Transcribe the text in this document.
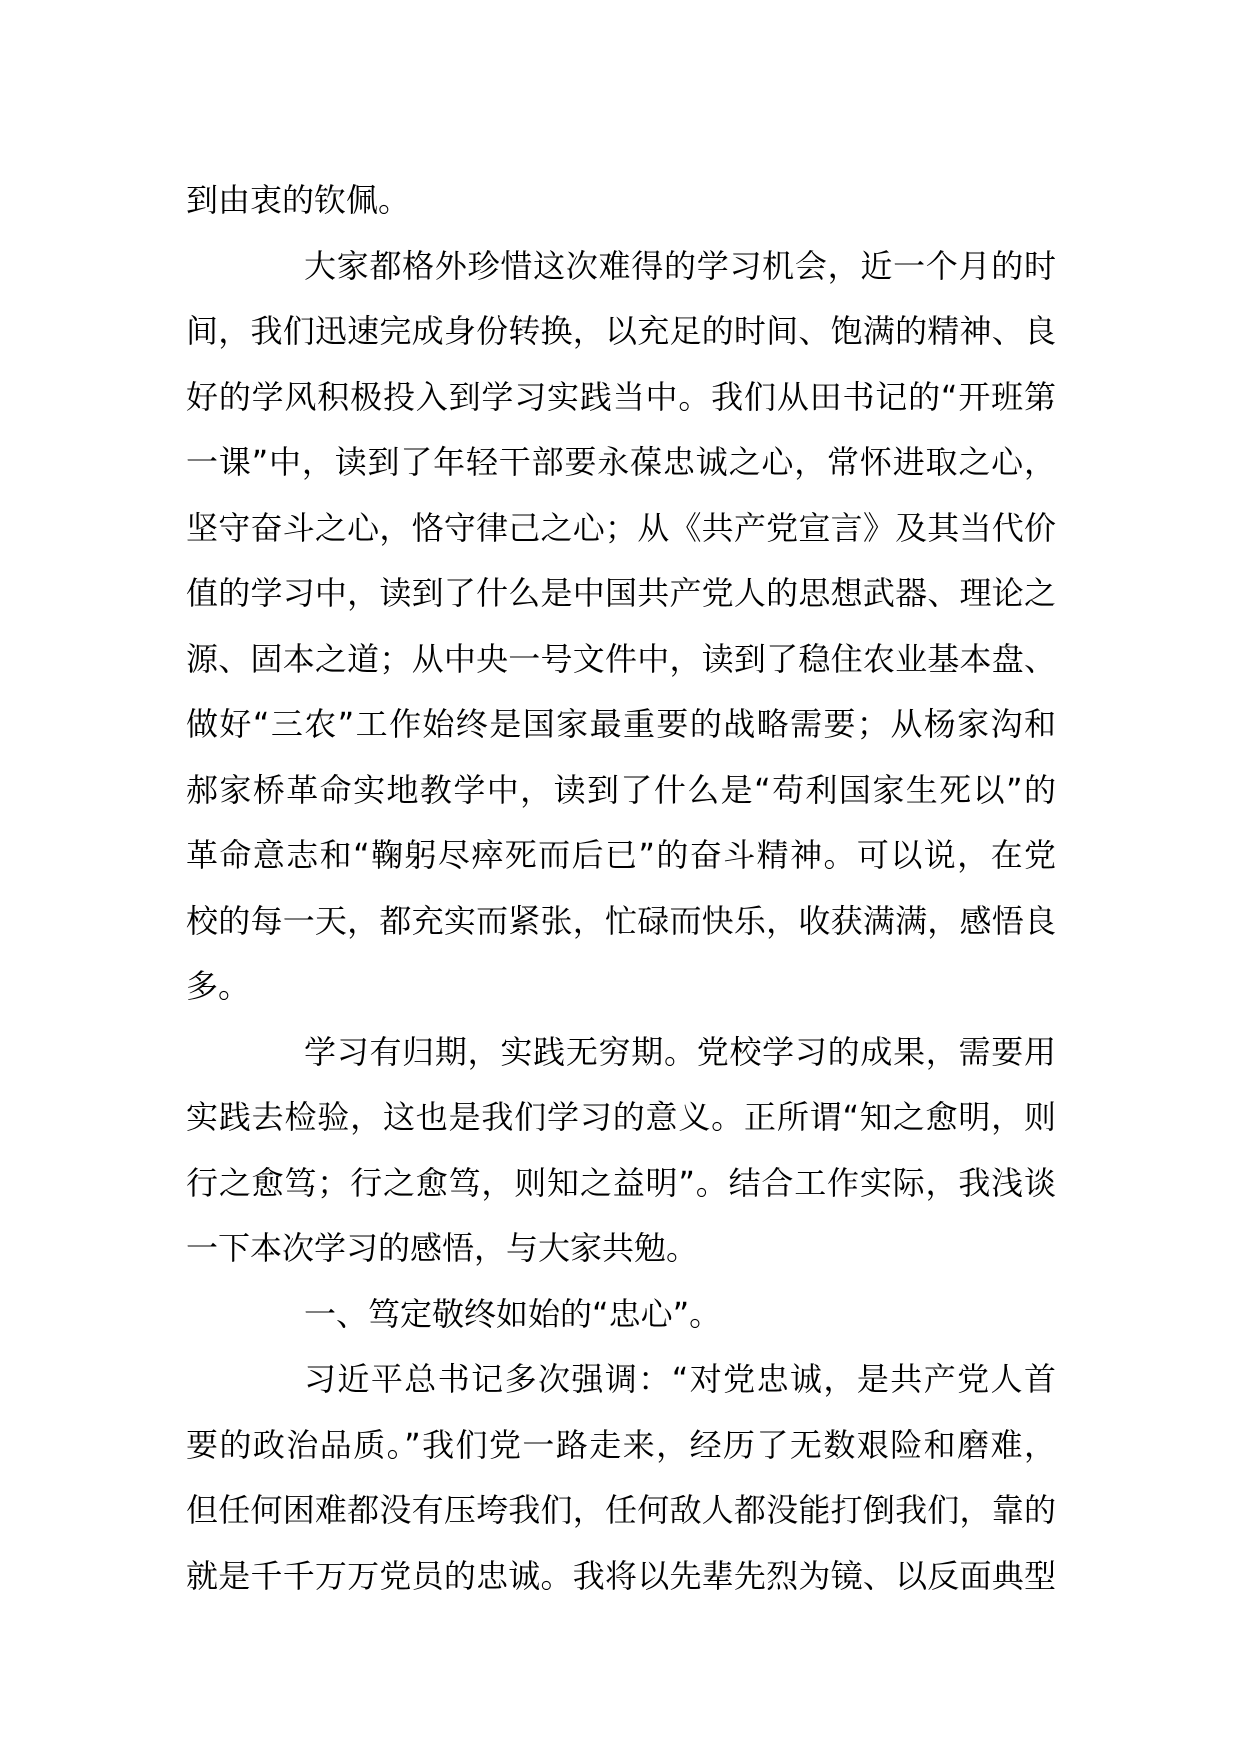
到由衷的钦佩。
大家都格外珍惜这次难得的学习机会，近一个月的时
间，我们迅速完成身份转换，以充足的时间、饱满的精神、良
好的学风积极投入到学习实践当中。我们从田书记的“开班第
一课”中，读到了年轻干部要永葆忠诚之心，常怀进取之心，
坚守奋斗之心，恪守律己之心；从《共产党宣言》及其当代价
值的学习中，读到了什么是中国共产党人的思想武器、理论之
源、固本之道；从中央一号文件中，读到了稳住农业基本盘、
做好“三农”工作始终是国家最重要的战略需要；从杨家沟和
郝家桥革命实地教学中，读到了什么是“苟利国家生死以”的
革命意志和“鞠躬尽瘁死而后已”的奋斗精神。可以说，在党
校的每一天，都充实而紧张，忙碌而快乐，收获满满，感悟良
多。
学习有归期，实践无穷期。党校学习的成果，需要用
实践去检验，这也是我们学习的意义。正所谓“知之愈明，则
行之愈笃；行之愈笃，则知之益明”。结合工作实际，我浅谈
一下本次学习的感悟，与大家共勉。
一、笃定敬终如始的“忠心”。
习近平总书记多次强调：“对党忠诚，是共产党人首
要的政治品质。”我们党一路走来，经历了无数艰险和磨难，
但任何困难都没有压垮我们，任何敌人都没能打倒我们，靠的
就是千千万万党员的忠诚。我将以先辈先烈为镜、以反面典型
